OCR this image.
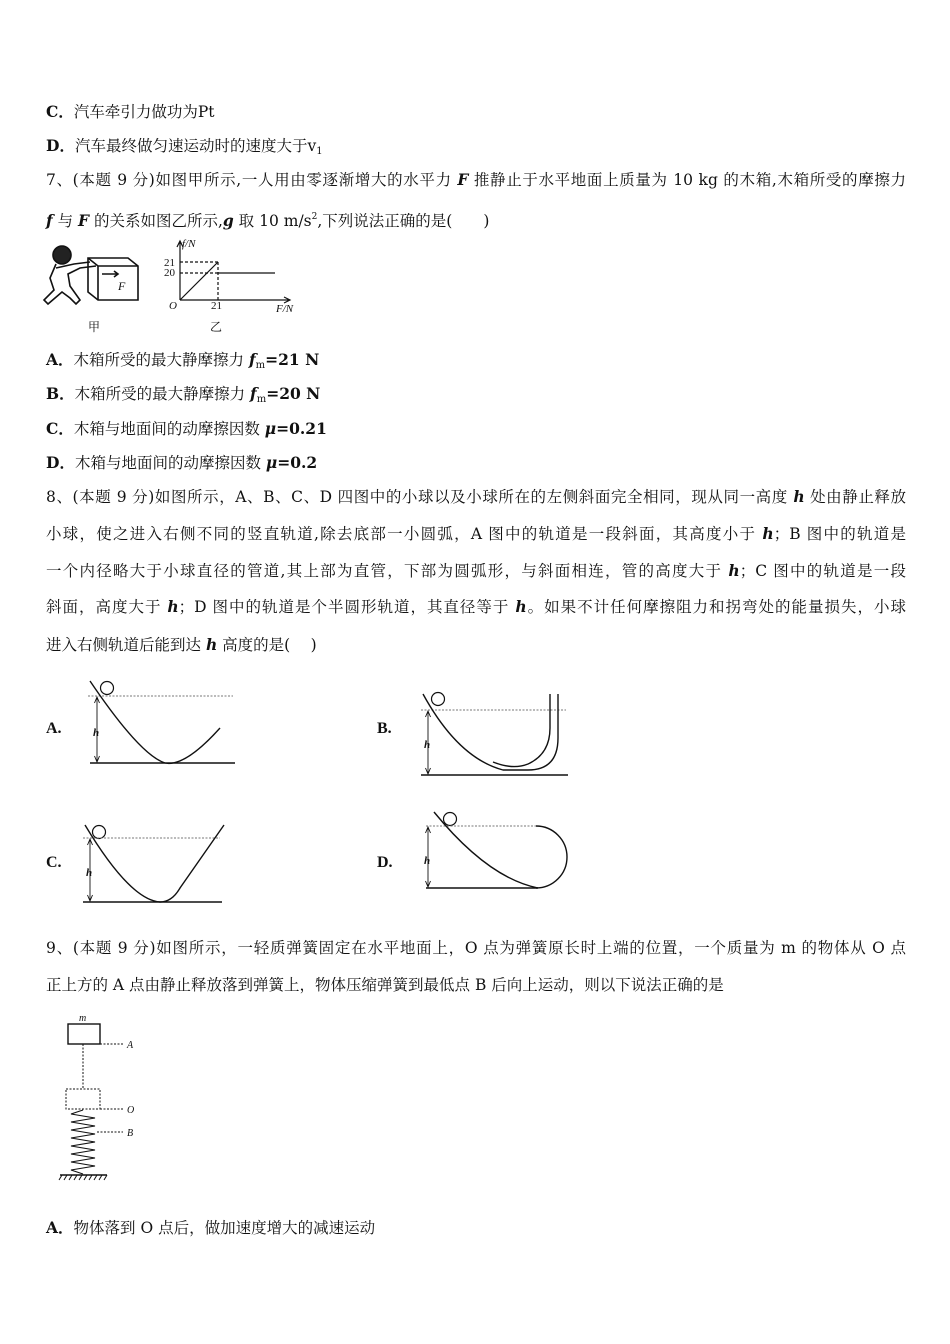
C．汽车牵引力做功为Pt
D．汽车最终做匀速运动时的速度大于$v_1$
7、(本题 9 分)如图甲所示,一人用由零逐渐增大的水平力 F 推静止于水平地面上质量为 10 kg 的木箱,木箱所受的摩擦力
f 与 F 的关系如图乙所示,g 取 10 $m/s^2$,下列说法正确的是(　　)
A．木箱所受的最大静摩擦力 $f_m=21$ N
B．木箱所受的最大静摩擦力 $f_m=20$ N
C．木箱与地面间的动摩擦因数 μ=0.21
D．木箱与地面间的动摩擦因数 μ=0.2
8、(本题 9 分)如图所示，A、B、C、D 四图中的小球以及小球所在的左侧斜面完全相同，现从同一高度 h 处由静止释放
小球，使之进入右侧不同的竖直轨道,除去底部一小圆弧，A 图中的轨道是一段斜面，其高度小于 h；B 图中的轨道是
一个内径略大于小球直径的管道,其上部为直管，下部为圆弧形，与斜面相连，管的高度大于 h；C 图中的轨道是一段
斜面，高度大于 h；D 图中的轨道是个半圆形轨道，其直径等于 h。如果不计任何摩擦阻力和拐弯处的能量损失，小球
进入右侧轨道后能到达 h 高度的是(　 )
9、(本题 9 分)如图所示，一轻质弹簧固定在水平地面上，O 点为弹簧原长时上端的位置，一个质量为 m 的物体从 O 点
正上方的 A 点由静止释放落到弹簧上，物体压缩弹簧到最低点 B 后向上运动，则以下说法正确的是
A．物体落到 O 点后，做加速度增大的减速运动
F
甲
f/N
21
20
O	21	F/N
乙
A.	B.
C.	D.
h
h
h
h
m
A
O
B
